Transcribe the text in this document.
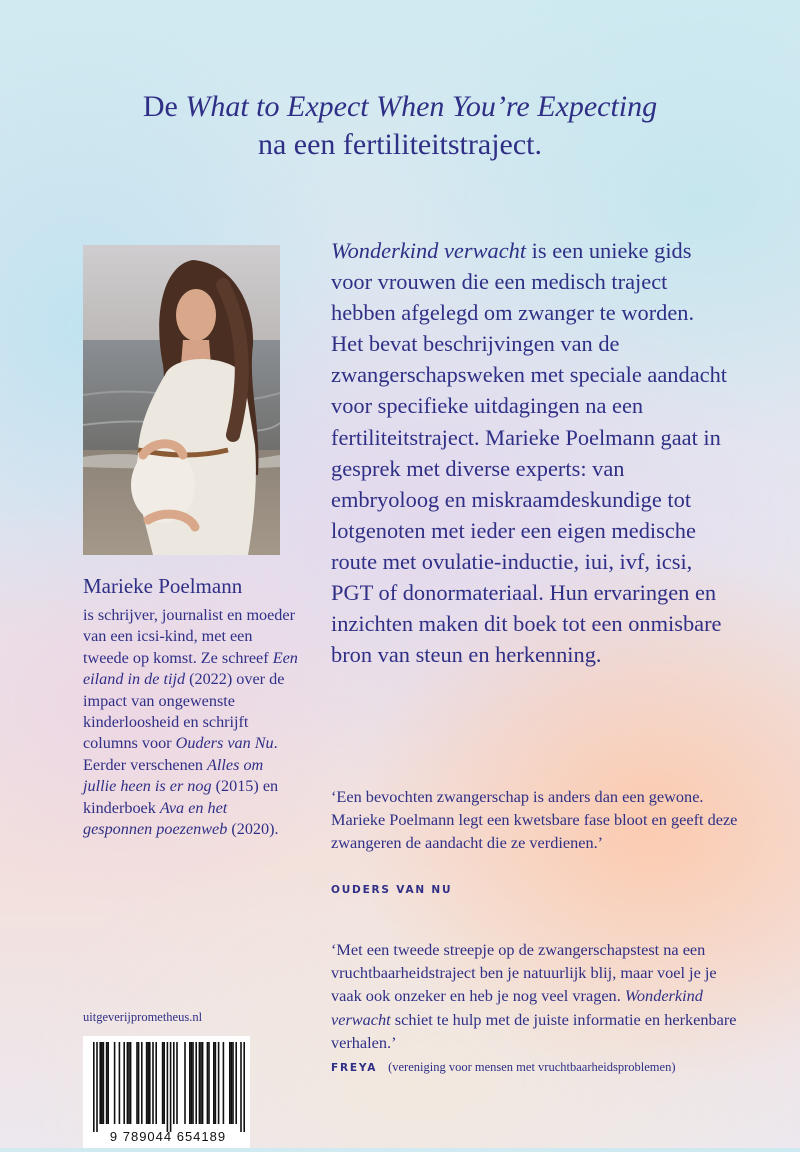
De What to Expect When You’re Expecting
na een fertiliteitstraject.
Marieke Poelmann
is schrijver, journalist en moeder van een icsi-kind, met een tweede op komst. Ze schreef Een eiland in de tijd (2022) over de impact van ongewenste kinderloosheid en schrijft columns voor Ouders van Nu. Eerder verschenen Alles om jullie heen is er nog (2015) en kinderboek Ava en het gesponnen poezenweb (2020).
Wonderkind verwacht is een unieke gids voor vrouwen die een medisch traject hebben afgelegd om zwanger te worden. Het bevat beschrijvingen van de zwangerschapsweken met speciale aandacht voor specifieke uitdagingen na een fertiliteitstraject. Marieke Poelmann gaat in gesprek met diverse experts: van embryoloog en miskraamdeskundige tot lotgenoten met ieder een eigen medische route met ovulatie-inductie, iui, ivf, icsi, PGT of donormateriaal. Hun ervaringen en inzichten maken dit boek tot een onmisbare bron van steun en herkenning.
‘Een bevochten zwangerschap is anders dan een gewone. Marieke Poelmann legt een kwetsbare fase bloot en geeft deze zwangeren de aandacht die ze verdienen.’
OUDERS VAN NU
‘Met een tweede streepje op de zwangerschapstest na een vruchtbaarheidstraject ben je natuurlijk blij, maar voel je je vaak ook onzeker en heb je nog veel vragen. Wonderkind verwacht schiet te hulp met de juiste informatie en herkenbare verhalen.’
FREYA (vereniging voor mensen met vruchtbaarheidsproblemen)
uitgeverijprometheus.nl
9 789044 654189
